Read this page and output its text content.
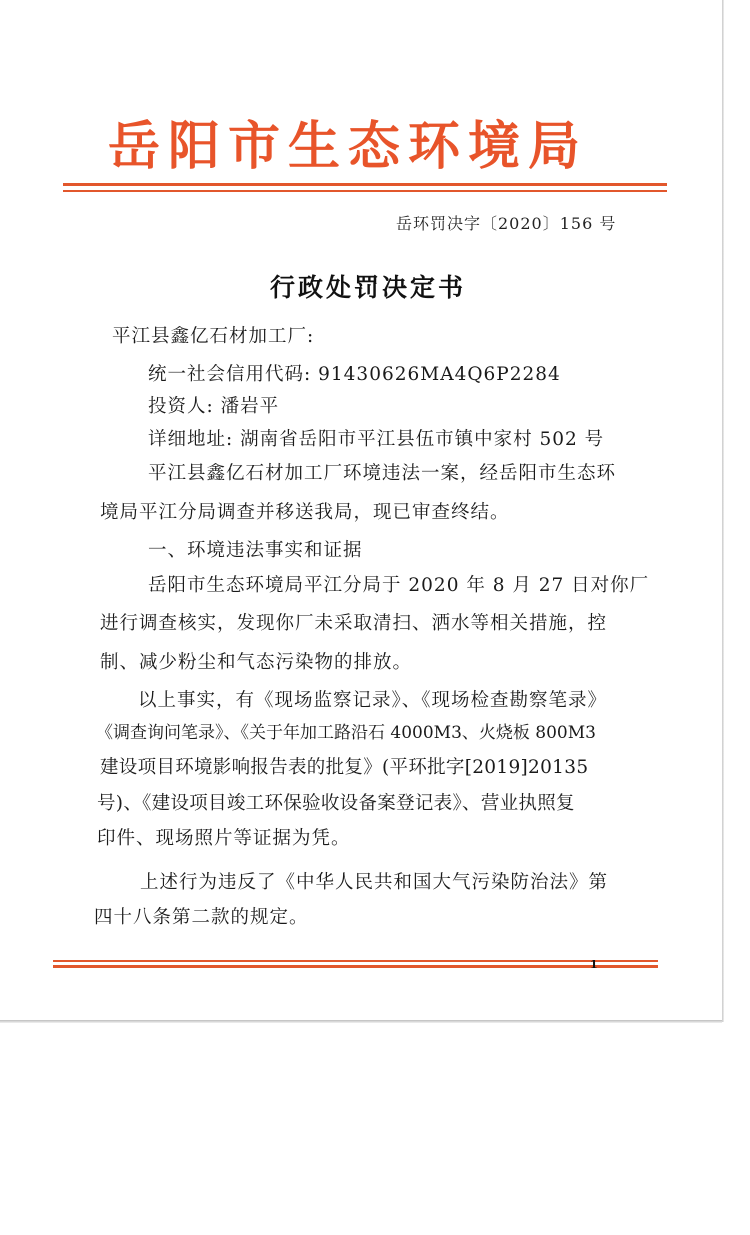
岳阳市生态环境局
岳环罚决字〔2020〕156 号
行政处罚决定书
平江县鑫亿石材加工厂:
统一社会信用代码: 91430626MA4Q6P2284
投资人: 潘岩平
详细地址: 湖南省岳阳市平江县伍市镇中家村 502 号
平江县鑫亿石材加工厂环境违法一案，经岳阳市生态环
境局平江分局调查并移送我局，现已审查终结。
一、环境违法事实和证据
岳阳市生态环境局平江分局于 2020 年 8 月 27 日对你厂
进行调查核实，发现你厂未采取清扫、洒水等相关措施，控
制、减少粉尘和气态污染物的排放。
以上事实，有《现场监察记录》、《现场检查勘察笔录》
《调查询问笔录》、《关于年加工路沿石 4000M3、火烧板 800M3
建设项目环境影响报告表的批复》(平环批字[2019]20135
号)、《建设项目竣工环保验收设备案登记表》、营业执照复
印件、现场照片等证据为凭。
上述行为违反了《中华人民共和国大气污染防治法》第
四十八条第二款的规定。
1
